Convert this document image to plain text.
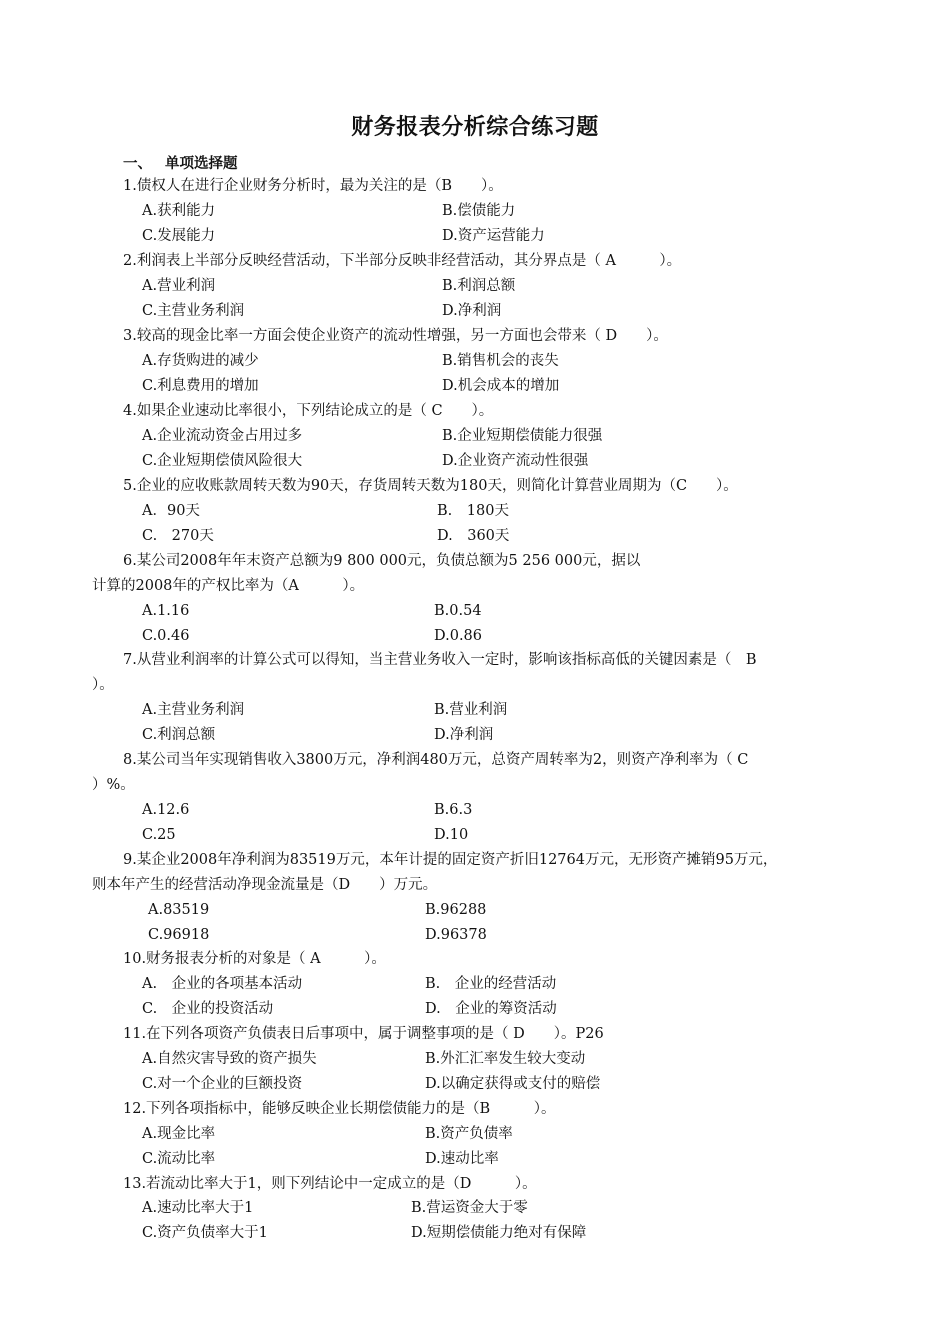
财务报表分析综合练习题
一、 单项选择题
1.债权人在进行企业财务分析时，最为关注的是（B　　）。
A.获利能力	B.偿债能力
C.发展能力	D.资产运营能力
2.利润表上半部分反映经营活动，下半部分反映非经营活动，其分界点是（ A　　　）。
A.营业利润	B.利润总额
C.主营业务利润	D.净利润
3.较高的现金比率一方面会使企业资产的流动性增强，另一方面也会带来（ D　　）。
A.存货购进的减少	B.销售机会的丧失
C.利息费用的增加	D.机会成本的增加
4.如果企业速动比率很小，下列结论成立的是（ C　　）。
A.企业流动资金占用过多	B.企业短期偿债能力很强
C.企业短期偿债风险很大	D.企业资产流动性很强
5.企业的应收账款周转天数为90天，存货周转天数为180天，则简化计算营业周期为（C　　）。
A．90天	B.　180天
C.　270天	D.　360天
6.某公司2008年年末资产总额为9 800 000元，负债总额为5 256 000元，据以
计算的2008年的产权比率为（A　　　）。
A.1.16	B.0.54
C.0.46	D.0.86
7.从营业利润率的计算公式可以得知，当主营业务收入一定时，影响该指标高低的关键因素是（　B
）。
A.主营业务利润	B.营业利润
C.利润总额	D.净利润
8.某公司当年实现销售收入3800万元，净利润480万元，总资产周转率为2，则资产净利率为（ C
）%。
A.12.6	B.6.3
C.25	D.10
9.某企业2008年净利润为83519万元，本年计提的固定资产折旧12764万元，无形资产摊销95万元，
则本年产生的经营活动净现金流量是（D　　）万元。
A.83519	B.96288
C.96918	D.96378
10.财务报表分析的对象是（ A　　　）。
A.　企业的各项基本活动	B.　企业的经营活动
C.　企业的投资活动	D.　企业的筹资活动
11.在下列各项资产负债表日后事项中，属于调整事项的是（ D　　）。P26
A.自然灾害导致的资产损失	B.外汇汇率发生较大变动
C.对一个企业的巨额投资	D.以确定获得或支付的赔偿
12.下列各项指标中，能够反映企业长期偿债能力的是（B　　　）。
A.现金比率	B.资产负债率
C.流动比率	D.速动比率
13.若流动比率大于1，则下列结论中一定成立的是（D　　　）。
A.速动比率大于1	B.营运资金大于零
C.资产负债率大于1	D.短期偿债能力绝对有保障
